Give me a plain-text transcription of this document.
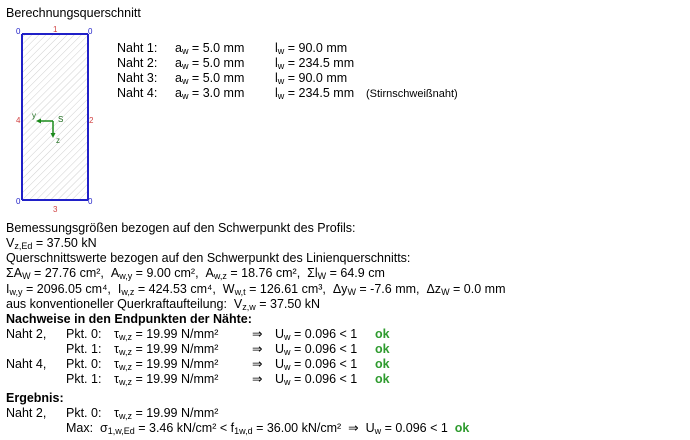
Berechnungsquerschnitt
0	0
0	0
1
4	2
3
y
z
S
Naht 1: aw = 5.0 mm lw = 90.0 mm
Naht 2: aw = 5.0 mm lw = 234.5 mm
Naht 3: aw = 5.0 mm lw = 90.0 mm
Naht 4: aw = 3.0 mm lw = 234.5 mm (Stirnschweißnaht)
Bemessungsgrößen bezogen auf den Schwerpunkt des Profils:
Vz,Ed = 37.50 kN
Querschnittswerte bezogen auf den Schwerpunkt des Linienquerschnitts:
ΣAW = 27.76 cm², Aw,y = 9.00 cm², Aw,z = 18.76 cm², ΣlW = 64.9 cm
Iw,y = 2096.05 cm⁴, Iw,z = 424.53 cm⁴, Ww,t = 126.61 cm³, ΔyW = -7.6 mm, ΔzW = 0.0 mm
aus konventioneller Querkraftaufteilung: Vz,w = 37.50 kN
Nachweise in den Endpunkten der Nähte:
Naht 2, Pkt. 0: τw,z = 19.99 N/mm²	⇒ Uw = 0.096 < 1 ok
Pkt. 1: τw,z = 19.99 N/mm²	⇒ Uw = 0.096 < 1 ok
Naht 4, Pkt. 0: τw,z = 19.99 N/mm²	⇒ Uw = 0.096 < 1 ok
Pkt. 1: τw,z = 19.99 N/mm²	⇒ Uw = 0.096 < 1 ok
Ergebnis:
Naht 2, Pkt. 0: τw,z = 19.99 N/mm²
Max: σ1,w,Ed = 3.46 kN/cm² < f1w,d = 36.00 kN/cm² ⇒  Uw = 0.096 < 1 ok
